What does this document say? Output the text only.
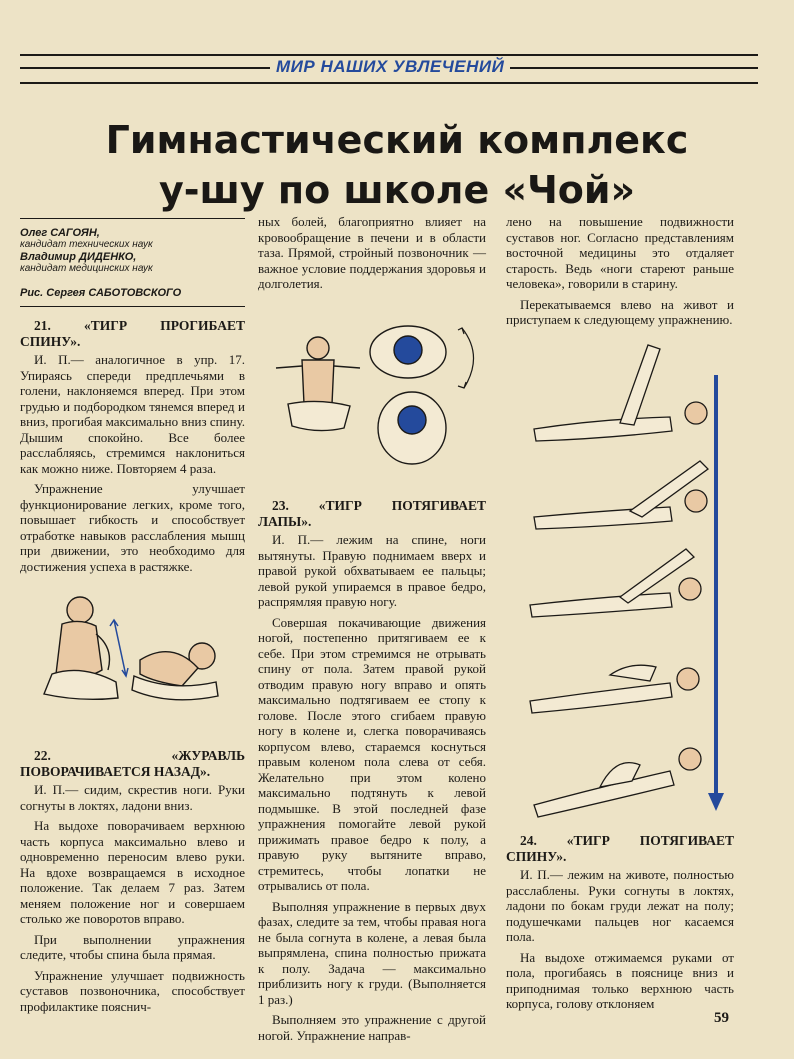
МИР НАШИХ УВЛЕЧЕНИЙ
Гимнастический комплекс
у-шу по школе «Чой»
Олег САГОЯН,
кандидат технических наук
Владимир ДИДЕНКО,
кандидат медицинских наук
Рис. Сергея САБОТОВСКОГО
21. «ТИГР ПРОГИБАЕТ СПИНУ».

И. П.— аналогичное в упр. 17. Упираясь спереди предплечьями в голени, наклоняемся вперед. При этом грудью и подбородком тянемся вперед и вниз, прогибая максимально вниз спину. Дышим спокойно. Все более расслабляясь, стремимся наклониться как можно ниже. Повторяем 4 раза.

Упражнение улучшает функционирование легких, кроме того, повышает гибкость и способствует отработке навыков расслабления мышц при движении, это необходимо для достижения успеха в растяжке.

22. «ЖУРАВЛЬ ПОВОРАЧИВАЕТСЯ НАЗАД».

И. П.— сидим, скрестив ноги. Руки согнуты в локтях, ладони вниз.

На выдохе поворачиваем верхнюю часть корпуса максимально влево и одновременно переносим влево руки. На вдохе возвращаемся в исходное положение. Так делаем 7 раз. Затем меняем положение ног и совершаем столько же поворотов вправо.

При выполнении упражнения следите, чтобы спина была прямая.

Упражнение улучшает подвижность суставов позвоночника, способствует профилактике пояснич-

ных болей, благоприятно влияет на кровообращение в печени и в области таза. Прямой, стройный позвоночник — важное условие поддержания здоровья и долголетия.

23. «ТИГР ПОТЯГИВАЕТ ЛАПЫ».

И. П.— лежим на спине, ноги вытянуты. Правую поднимаем вверх и правой рукой обхватываем ее пальцы; левой рукой упираемся в правое бедро, распрямляя правую ногу.

Совершая покачивающие движения ногой, постепенно притягиваем ее к себе. При этом стремимся не отрывать спину от пола. Затем правой рукой отводим правую ногу вправо и опять максимально подтягиваем ее стопу к голове. После этого сгибаем правую ногу в колене и, слегка поворачиваясь корпусом влево, стараемся коснуться правым коленом пола слева от себя. Желательно при этом колено максимально подтянуть к левой подмышке. В этой последней фазе упражнения помогайте левой рукой прижимать правое бедро к полу, а правую руку вытяните вправо, стремитесь, чтобы лопатки не отрывались от пола.

Выполняя упражнение в первых двух фазах, следите за тем, чтобы правая нога не была согнута в колене, а левая была выпрямлена, спина полностью прижата к полу. Задача — максимально приблизить ногу к груди. (Выполняется 1 раз.)

Выполняем это упражнение с другой ногой. Упражнение направ-

лено на повышение подвижности суставов ног. Согласно представлениям восточной медицины это отдаляет старость. Ведь «ноги стареют раньше человека», говорили в старину.

Перекатываемся влево на живот и приступаем к следующему упражнению.

24. «ТИГР ПОТЯГИВАЕТ СПИНУ».

И. П.— лежим на животе, полностью расслаблены. Руки согнуты в локтях, ладони по бокам груди лежат на полу; подушечками пальцев ног касаемся пола.

На выдохе отжимаемся руками от пола, прогибаясь в пояснице вниз и приподнимая только верхнюю часть корпуса, голову отклоняем

59
